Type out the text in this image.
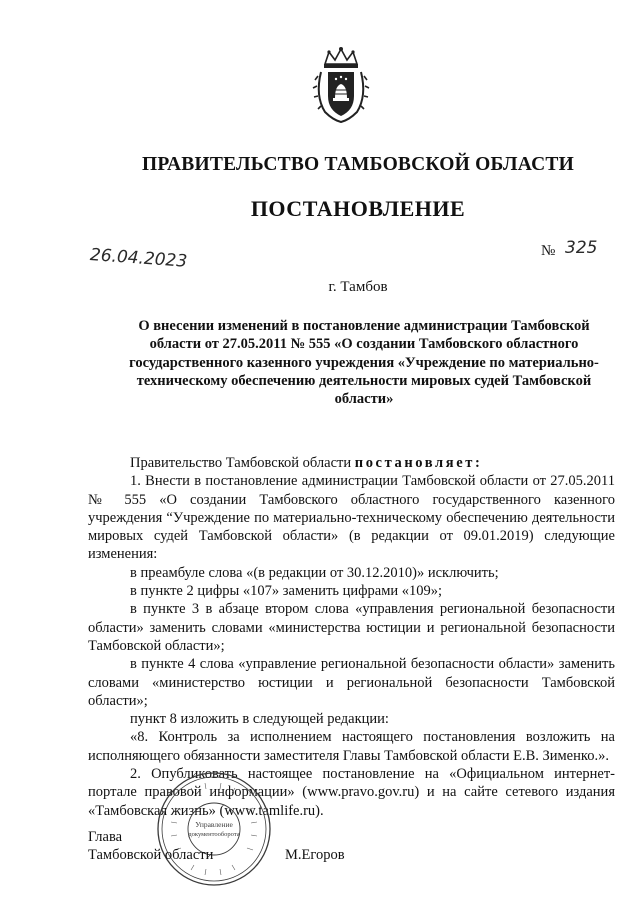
ПРАВИТЕЛЬСТВО ТАМБОВСКОЙ ОБЛАСТИ
ПОСТАНОВЛЕНИЕ
26.04.2023	№ 325
г. Тамбов
О внесении изменений в постановление администрации Тамбовской области от 27.05.2011 № 555 «О создании Тамбовского областного государственного казенного учреждения «Учреждение по материально-техническому обеспечению деятельности мировых судей Тамбовской области»

Правительство Тамбовской области постановляет:

1. Внести в постановление администрации Тамбовской области от 27.05.2011 № 555 «О создании Тамбовского областного государственного казенного учреждения “Учреждение по материально-техническому обеспечению деятельности мировых судей Тамбовской области» (в редакции от 09.01.2019) следующие изменения:

в преамбуле слова «(в редакции от 30.12.2010)» исключить;

в пункте 2 цифры «107» заменить цифрами «109»;

в пункте 3 в абзаце втором слова «управления региональной безопасности области» заменить словами «министерства юстиции и региональной безопасности Тамбовской области»;

в пункте 4 слова «управление региональной безопасности области» заменить словами «министерство юстиции и региональной безопасности Тамбовской области»;

пункт 8 изложить в следующей редакции:

«8. Контроль за исполнением настоящего постановления возложить на исполняющего обязанности заместителя Главы Тамбовской области Е.В. Зименко.».

2. Опубликовать настоящее постановление на «Официальном интернет-портале правовой информации» (www.pravo.gov.ru) и на сайте сетевого издания «Тамбовская жизнь» (www.tamlife.ru).

Управление
документооборота
Глава
Тамбовской области	М.Егоров
